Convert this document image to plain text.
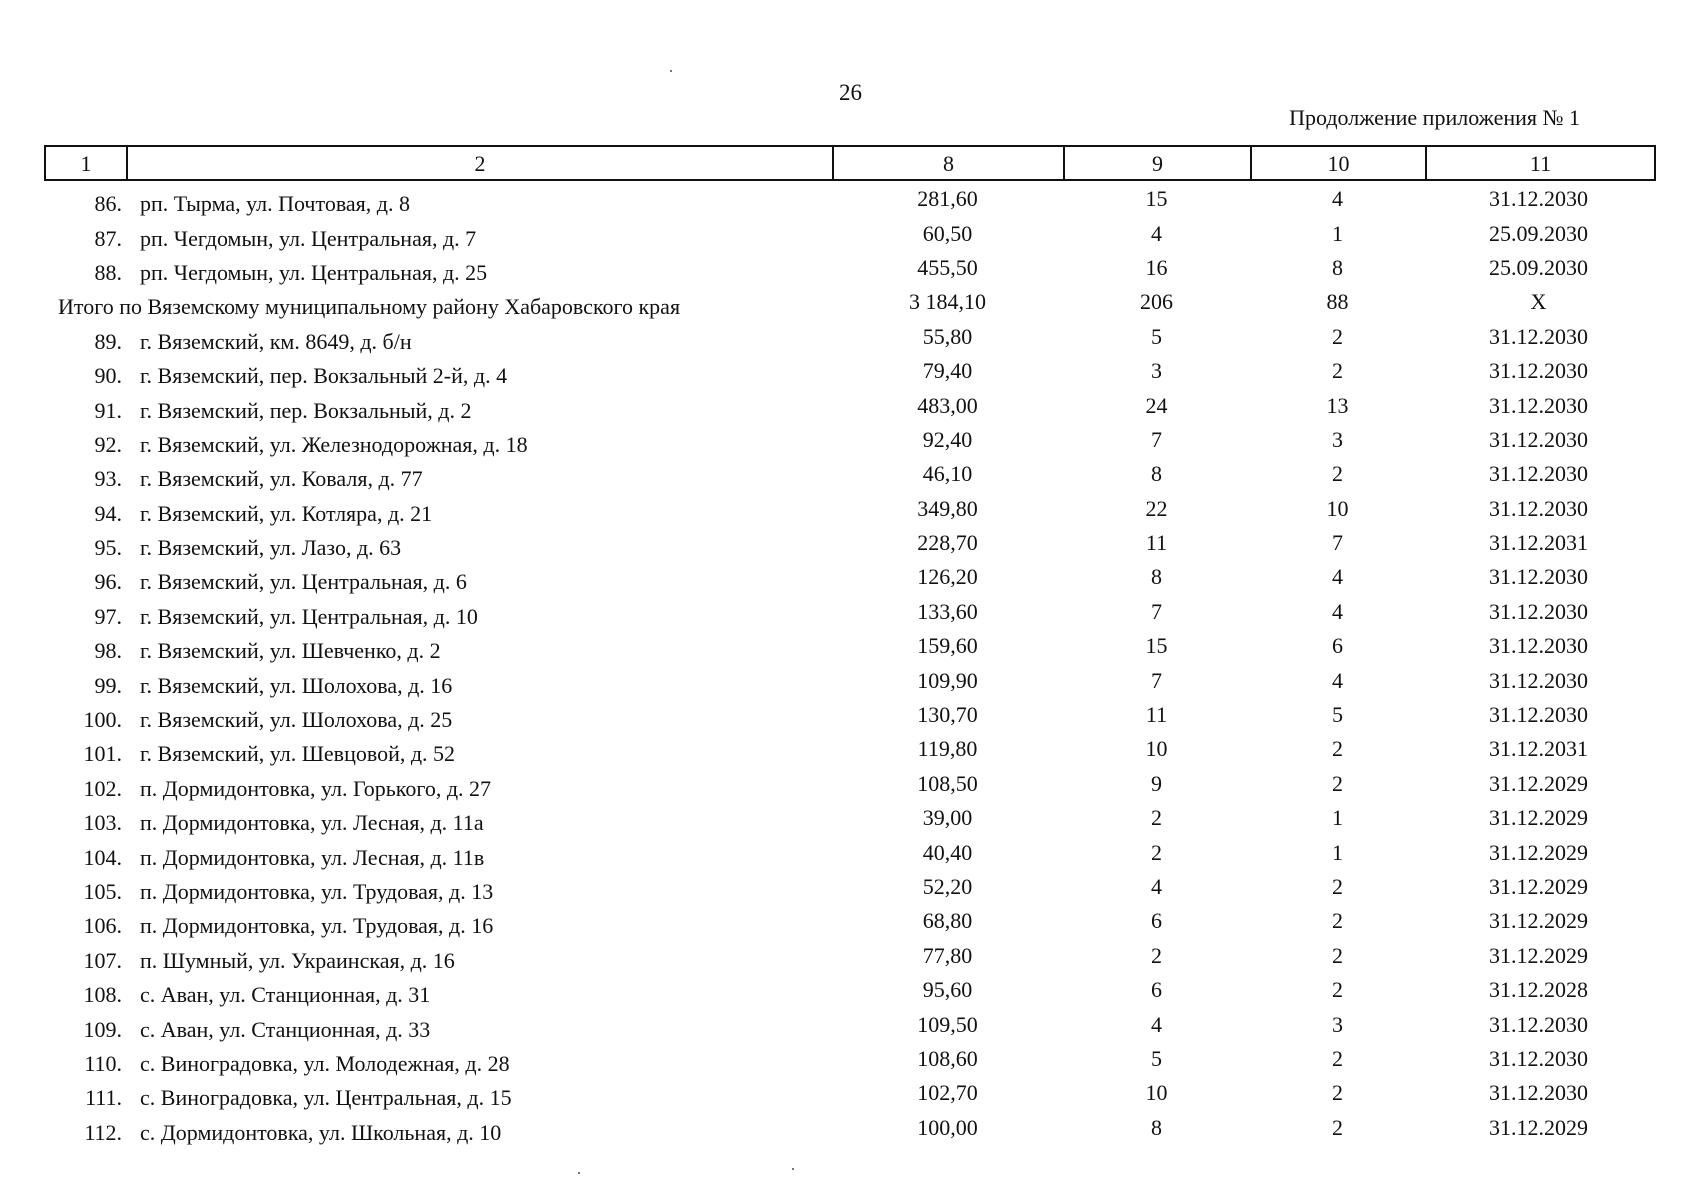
26
Продолжение приложения № 1
1	2	8	9	10	11
86. рп. Тырма, ул. Почтовая, д. 8	281,60	15	4	31.12.2030
87. рп. Чегдомын, ул. Центральная, д. 7	60,50	4	1	25.09.2030
88. рп. Чегдомын, ул. Центральная, д. 25	455,50	16	8	25.09.2030
Итого по Вяземскому муниципальному району Хабаровского края	3 184,10	206	88	Х
89. г. Вяземский, км. 8649, д. б/н	55,80	5	2	31.12.2030
90. г. Вяземский, пер. Вокзальный 2-й, д. 4	79,40	3	2	31.12.2030
91. г. Вяземский, пер. Вокзальный, д. 2	483,00	24	13	31.12.2030
92. г. Вяземский, ул. Железнодорожная, д. 18	92,40	7	3	31.12.2030
93. г. Вяземский, ул. Коваля, д. 77	46,10	8	2	31.12.2030
94. г. Вяземский, ул. Котляра, д. 21	349,80	22	10	31.12.2030
95. г. Вяземский, ул. Лазо, д. 63	228,70	11	7	31.12.2031
96. г. Вяземский, ул. Центральная, д. 6	126,20	8	4	31.12.2030
97. г. Вяземский, ул. Центральная, д. 10	133,60	7	4	31.12.2030
98. г. Вяземский, ул. Шевченко, д. 2	159,60	15	6	31.12.2030
99. г. Вяземский, ул. Шолохова, д. 16	109,90	7	4	31.12.2030
100. г. Вяземский, ул. Шолохова, д. 25	130,70	11	5	31.12.2030
101. г. Вяземский, ул. Шевцовой, д. 52	119,80	10	2	31.12.2031
102. п. Дормидонтовка, ул. Горького, д. 27	108,50	9	2	31.12.2029
103. п. Дормидонтовка, ул. Лесная, д. 11а	39,00	2	1	31.12.2029
104. п. Дормидонтовка, ул. Лесная, д. 11в	40,40	2	1	31.12.2029
105. п. Дормидонтовка, ул. Трудовая, д. 13	52,20	4	2	31.12.2029
106. п. Дормидонтовка, ул. Трудовая, д. 16	68,80	6	2	31.12.2029
107. п. Шумный, ул. Украинская, д. 16	77,80	2	2	31.12.2029
108. с. Аван, ул. Станционная, д. 31	95,60	6	2	31.12.2028
109. с. Аван, ул. Станционная, д. 33	109,50	4	3	31.12.2030
110. с. Виноградовка, ул. Молодежная, д. 28	108,60	5	2	31.12.2030
111. с. Виноградовка, ул. Центральная, д. 15	102,70	10	2	31.12.2030
112. с. Дормидонтовка, ул. Школьная, д. 10	100,00	8	2	31.12.2029
